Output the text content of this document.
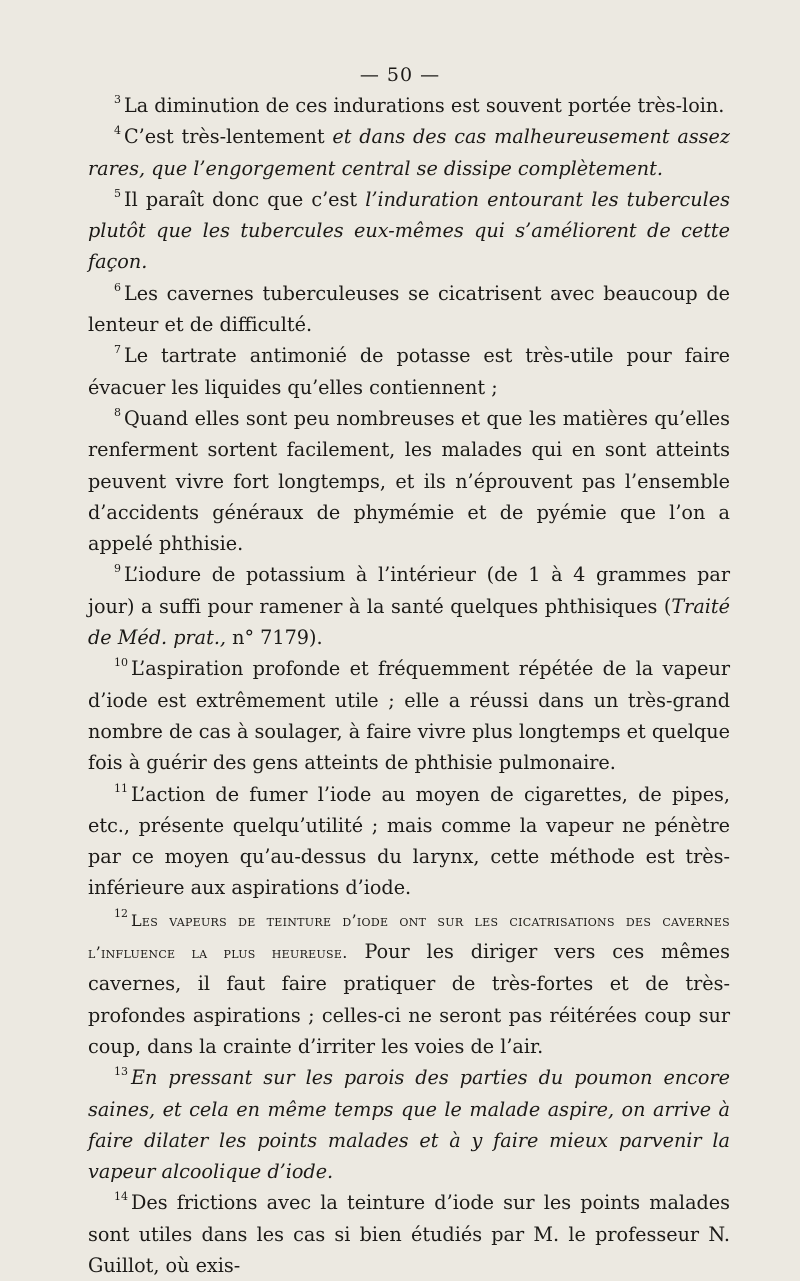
— 50 —

$^3$ La diminution de ces indurations est souvent portée très-loin.

$^4$ C’est très-lentement et dans des cas malheureusement assez rares, que l’engorgement central se dissipe complètement.

$^5$ Il paraît donc que c’est l’induration entourant les tubercules plutôt que les tubercules eux-mêmes qui s’améliorent de cette façon.

$^6$ Les cavernes tuberculeuses se cicatrisent avec beaucoup de lenteur et de difficulté.

$^7$ Le tartrate antimonié de potasse est très-utile pour faire évacuer les liquides qu’elles contiennent ;

$^8$ Quand elles sont peu nombreuses et que les matières qu’elles renferment sortent facilement, les malades qui en sont atteints peuvent vivre fort longtemps, et ils n’éprouvent pas l’ensemble d’accidents généraux de phymémie et de pyémie que l’on a appelé phthisie.

$^9$ L’iodure de potassium à l’intérieur (de 1 à 4 grammes par jour) a suffi pour ramener à la santé quelques phthisiques (Traité de Méd. prat., n° 7179).

$^{10}$ L’aspiration profonde et fréquemment répétée de la vapeur d’iode est extrêmement utile ; elle a réussi dans un très-grand nombre de cas à soulager, à faire vivre plus longtemps et quelque fois à guérir des gens atteints de phthisie pulmonaire.

$^{11}$ L’action de fumer l’iode au moyen de cigarettes, de pipes, etc., présente quelqu’utilité ; mais comme la vapeur ne pénètre par ce moyen qu’au-dessus du larynx, cette méthode est très-inférieure aux aspirations d’iode.

$^{12}$ Les vapeurs de teinture d’iode ont sur les cicatrisations des cavernes l’influence la plus heureuse. Pour les diriger vers ces mêmes cavernes, il faut faire pratiquer de très-fortes et de très-profondes aspirations ; celles-ci ne seront pas réitérées coup sur coup, dans la crainte d’irriter les voies de l’air.

$^{13}$ En pressant sur les parois des parties du poumon encore saines, et cela en même temps que le malade aspire, on arrive à faire dilater les points malades et à y faire mieux parvenir la vapeur alcoolique d’iode.

$^{14}$ Des frictions avec la teinture d’iode sur les points malades sont utiles dans les cas si bien étudiés par M. le professeur N. Guillot, où exis-
